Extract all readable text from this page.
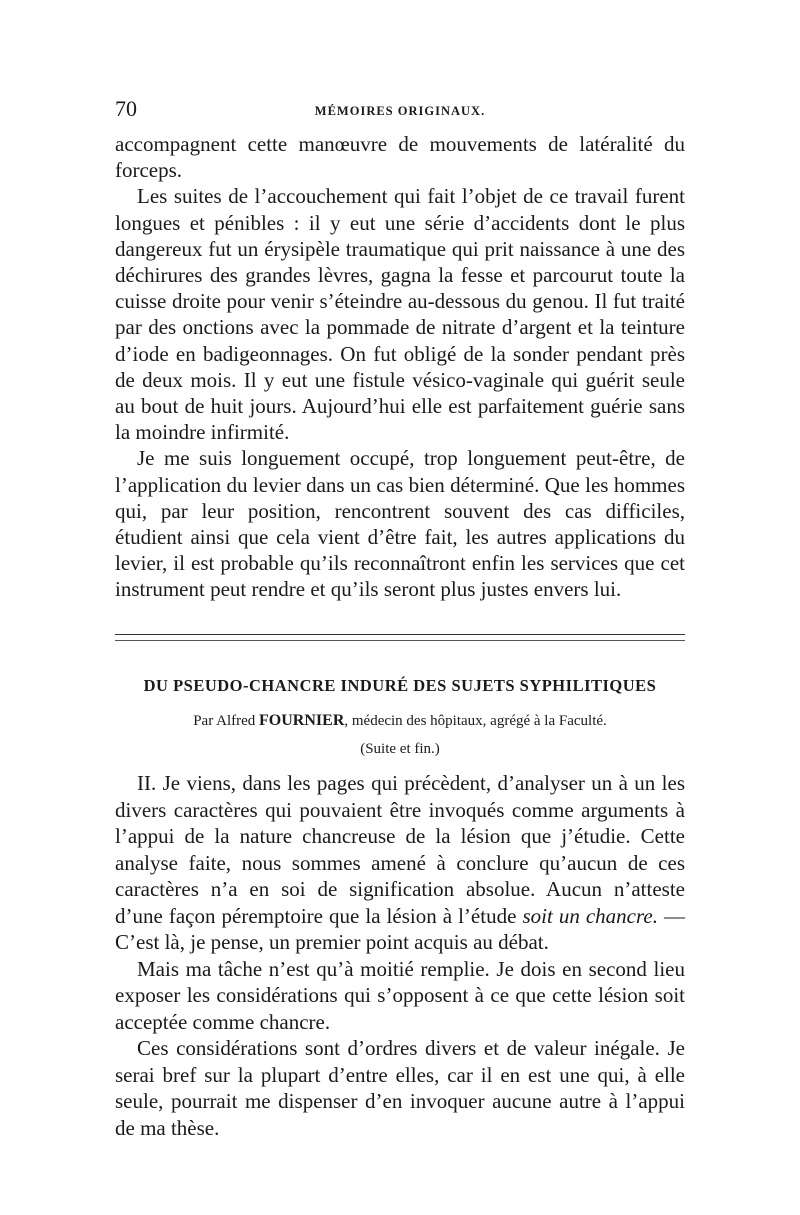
70	MÉMOIRES ORIGINAUX.

accompagnent cette manœuvre de mouvements de latéralité du forceps.

Les suites de l’accouchement qui fait l’objet de ce travail furent longues et pénibles : il y eut une série d’accidents dont le plus dangereux fut un érysipèle traumatique qui prit naissance à une des déchirures des grandes lèvres, gagna la fesse et parcourut toute la cuisse droite pour venir s’éteindre au-dessous du genou. Il fut traité par des onctions avec la pommade de nitrate d’argent et la teinture d’iode en badigeonnages. On fut obligé de la sonder pendant près de deux mois. Il y eut une fistule vésico-vaginale qui guérit seule au bout de huit jours. Aujourd’hui elle est parfaitement guérie sans la moindre infirmité.

Je me suis longuement occupé, trop longuement peut-être, de l’application du levier dans un cas bien déterminé. Que les hommes qui, par leur position, rencontrent souvent des cas difficiles, étudient ainsi que cela vient d’être fait, les autres applications du levier, il est probable qu’ils reconnaîtront enfin les services que cet instrument peut rendre et qu’ils seront plus justes envers lui.

DU PSEUDO-CHANCRE INDURÉ DES SUJETS SYPHILITIQUES
Par Alfred FOURNIER, médecin des hôpitaux, agrégé à la Faculté.
(Suite et fin.)

II. Je viens, dans les pages qui précèdent, d’analyser un à un les divers caractères qui pouvaient être invoqués comme arguments à l’appui de la nature chancreuse de la lésion que j’étudie. Cette analyse faite, nous sommes amené à conclure qu’aucun de ces caractères n’a en soi de signification absolue. Aucun n’atteste d’une façon péremptoire que la lésion à l’étude soit un chancre. — C’est là, je pense, un premier point acquis au débat.

Mais ma tâche n’est qu’à moitié remplie. Je dois en second lieu exposer les considérations qui s’opposent à ce que cette lésion soit acceptée comme chancre.

Ces considérations sont d’ordres divers et de valeur inégale. Je serai bref sur la plupart d’entre elles, car il en est une qui, à elle seule, pourrait me dispenser d’en invoquer aucune autre à l’appui de ma thèse.
